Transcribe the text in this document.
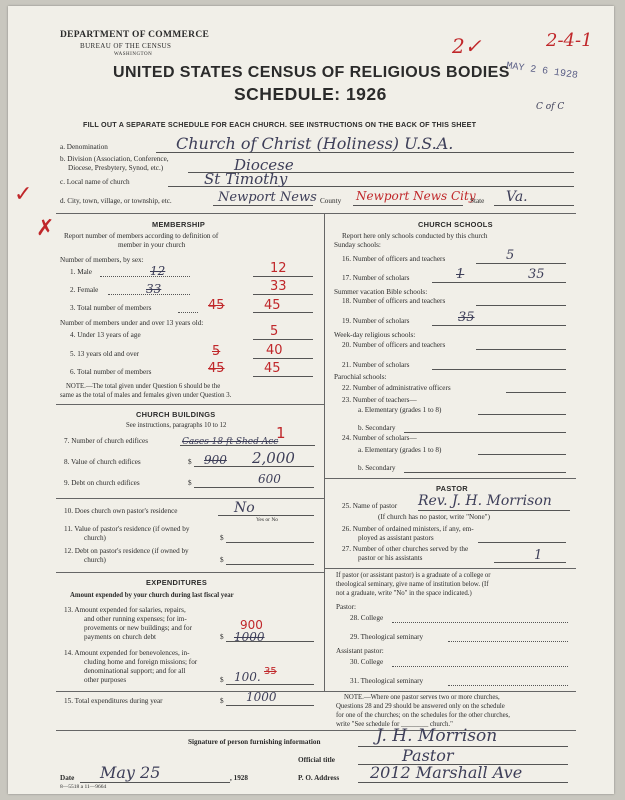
DEPARTMENT OF COMMERCE
BUREAU OF THE CENSUS
WASHINGTON
UNITED STATES CENSUS OF RELIGIOUS BODIES
SCHEDULE: 1926
FILL OUT A SEPARATE SCHEDULE FOR EACH CHURCH. SEE INSTRUCTIONS ON THE BACK OF THIS SHEET
2✓	2-4-1
MAY 2 6 1928
C of C
✓
✗
a. Denomination	Church of Christ (Holiness) U.S.A.
b. Division (Association, Conference,
Diocese, Presbytery, Synod, etc.)	Diocese
c. Local name of church	St Timothy
d. City, town, village, or township, etc.	Newport News County Newport News City
State Va.
MEMBERSHIP
Report number of members according to definition of
member in your church
Number of members, by sex:
1. Male	12	12
2. Female	33	33
3. Total number of members	45	45
Number of members under and over 13 years old:
4. Under 13 years of age	5
5. 13 years old and over	5	40
6. Total number of members	45	45
NOTE.—The total given under Question 6 should be the
same as the total of males and females given under Question 3.
CHURCH BUILDINGS
See instructions, paragraphs 10 to 12
7. Number of church edifices	Cases 18 ft Shed Acc
1
8. Value of church edifices	$ 900 2,000
9. Debt on church edifices	$	600
10. Does church own pastor's residence	No
Yes or No
11. Value of pastor's residence (if owned by
church)	$
12. Debt on pastor's residence (if owned by
church)	$
EXPENDITURES
Amount expended by your church during last fiscal year
13. Amount expended for salaries, repairs,
and other running expenses; for im-
provements or new buildings; and for
payments on church debt	$
900
1000
14. Amount expended for benevolences, in-
cluding home and foreign missions; for
denominational support; and for all
other purposes	$ 100. 35
15. Total expenditures during year	$ 1000
CHURCH SCHOOLS
Report here only schools conducted by this church
Sunday schools:
16. Number of officers and teachers	5
17. Number of scholars	1	35
Summer vacation Bible schools:
18. Number of officers and teachers
19. Number of scholars	35
Week-day religious schools:
20. Number of officers and teachers
21. Number of scholars
Parochial schools:
22. Number of administrative officers
23. Number of teachers—
a. Elementary (grades 1 to 8)
b. Secondary
24. Number of scholars—
a. Elementary (grades 1 to 8)
b. Secondary
PASTOR
25. Name of pastor Rev. J. H. Morrison
(If church has no pastor, write "None")
26. Number of ordained ministers, if any, em-
ployed as assistant pastors
27. Number of other churches served by the
pastor or his assistants	1
If pastor (or assistant pastor) is a graduate of a college or
theological seminary, give name of institution below. (If
not a graduate, write "No" in the space indicated.)
Pastor:
28. College
29. Theological seminary
Assistant pastor:
30. College
31. Theological seminary
NOTE.—Where one pastor serves two or more churches,
Questions 28 and 29 should be answered only on the schedule
for one of the churches; on the schedules for the other churches,
write "See schedule for ________ church."
Signature of person furnishing information	J. H. Morrison
Official title	Pastor
Date May 25	, 1928	P. O. Address 2012 Marshall Ave
8—5518 a 11—9664
